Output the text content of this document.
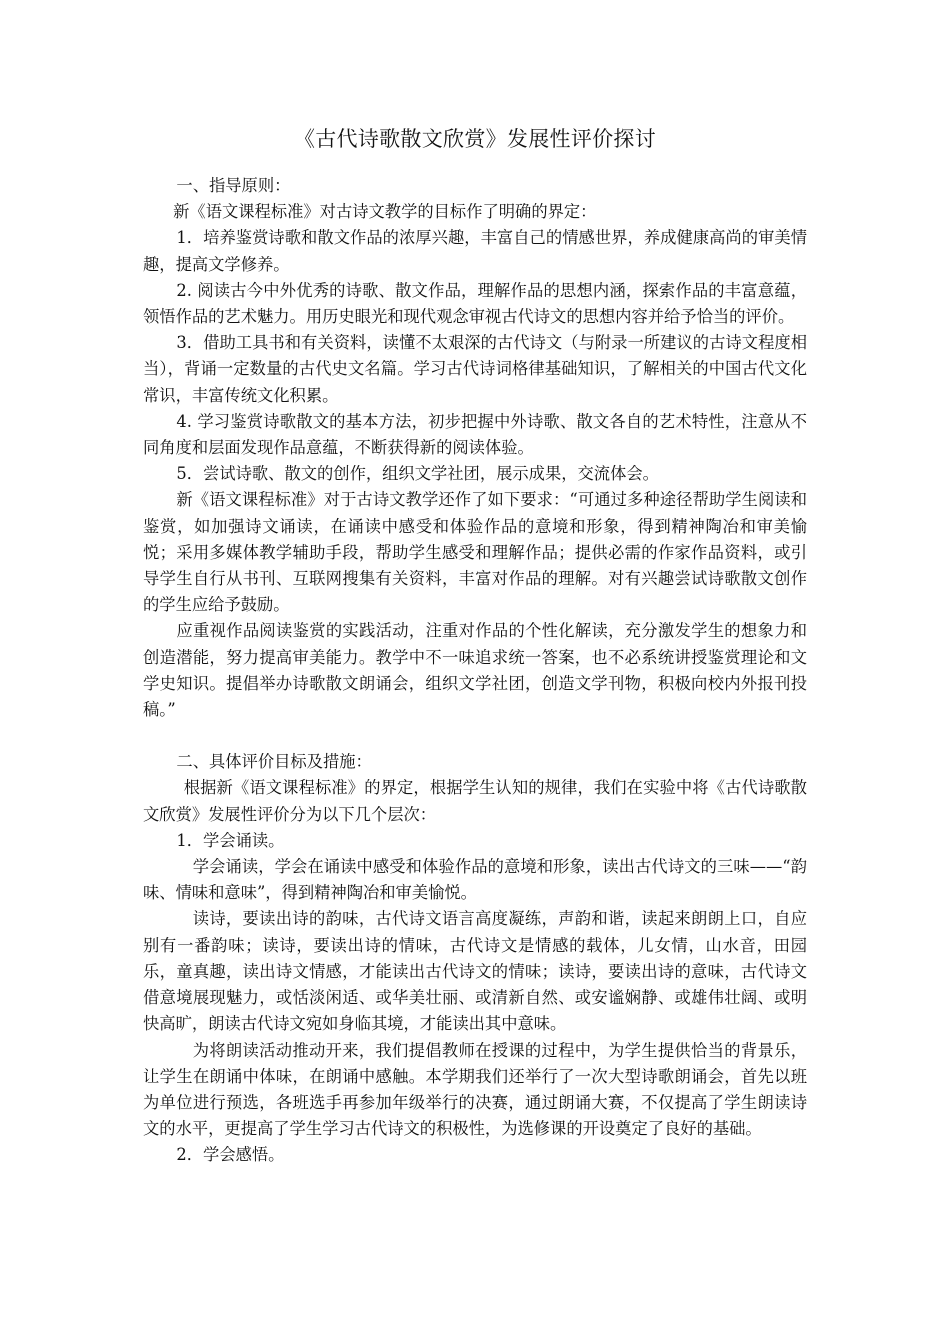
《古代诗歌散文欣赏》发展性评价探讨

一、指导原则：

新《语文课程标准》对古诗文教学的目标作了明确的界定：

1．培养鉴赏诗歌和散文作品的浓厚兴趣，丰富自己的情感世界，养成健康高尚的审美情趣，提高文学修养。

2. 阅读古今中外优秀的诗歌、散文作品，理解作品的思想内涵，探索作品的丰富意蕴，领悟作品的艺术魅力。用历史眼光和现代观念审视古代诗文的思想内容并给予恰当的评价。

3．借助工具书和有关资料，读懂不太艰深的古代诗文（与附录一所建议的古诗文程度相当），背诵一定数量的古代史文名篇。学习古代诗词格律基础知识，了解相关的中国古代文化常识，丰富传统文化积累。

4. 学习鉴赏诗歌散文的基本方法，初步把握中外诗歌、散文各自的艺术特性，注意从不同角度和层面发现作品意蕴，不断获得新的阅读体验。

5．尝试诗歌、散文的创作，组织文学社团，展示成果，交流体会。

新《语文课程标准》对于古诗文教学还作了如下要求：“可通过多种途径帮助学生阅读和鉴赏，如加强诗文诵读，在诵读中感受和体验作品的意境和形象，得到精神陶冶和审美愉悦；采用多媒体教学辅助手段，帮助学生感受和理解作品；提供必需的作家作品资料，或引导学生自行从书刊、互联网搜集有关资料，丰富对作品的理解。对有兴趣尝试诗歌散文创作的学生应给予鼓励。

应重视作品阅读鉴赏的实践活动，注重对作品的个性化解读，充分激发学生的想象力和创造潜能，努力提高审美能力。教学中不一味追求统一答案，也不必系统讲授鉴赏理论和文学史知识。提倡举办诗歌散文朗诵会，组织文学社团，创造文学刊物，积极向校内外报刊投稿。”

二、具体评价目标及措施：

根据新《语文课程标准》的界定，根据学生认知的规律，我们在实验中将《古代诗歌散文欣赏》发展性评价分为以下几个层次：

1．学会诵读。

学会诵读，学会在诵读中感受和体验作品的意境和形象，读出古代诗文的三味——“韵味、情味和意味”，得到精神陶冶和审美愉悦。

读诗，要读出诗的韵味，古代诗文语言高度凝练，声韵和谐，读起来朗朗上口，自应别有一番韵味；读诗，要读出诗的情味，古代诗文是情感的载体，儿女情，山水音，田园乐，童真趣，读出诗文情感，才能读出古代诗文的情味；读诗，要读出诗的意味，古代诗文借意境展现魅力，或恬淡闲适、或华美壮丽、或清新自然、或安谧娴静、或雄伟壮阔、或明快高旷，朗读古代诗文宛如身临其境，才能读出其中意味。

为将朗读活动推动开来，我们提倡教师在授课的过程中，为学生提供恰当的背景乐，让学生在朗诵中体味，在朗诵中感触。本学期我们还举行了一次大型诗歌朗诵会，首先以班为单位进行预选，各班选手再参加年级举行的决赛，通过朗诵大赛，不仅提高了学生朗读诗文的水平，更提高了学生学习古代诗文的积极性，为选修课的开设奠定了良好的基础。

2．学会感悟。
